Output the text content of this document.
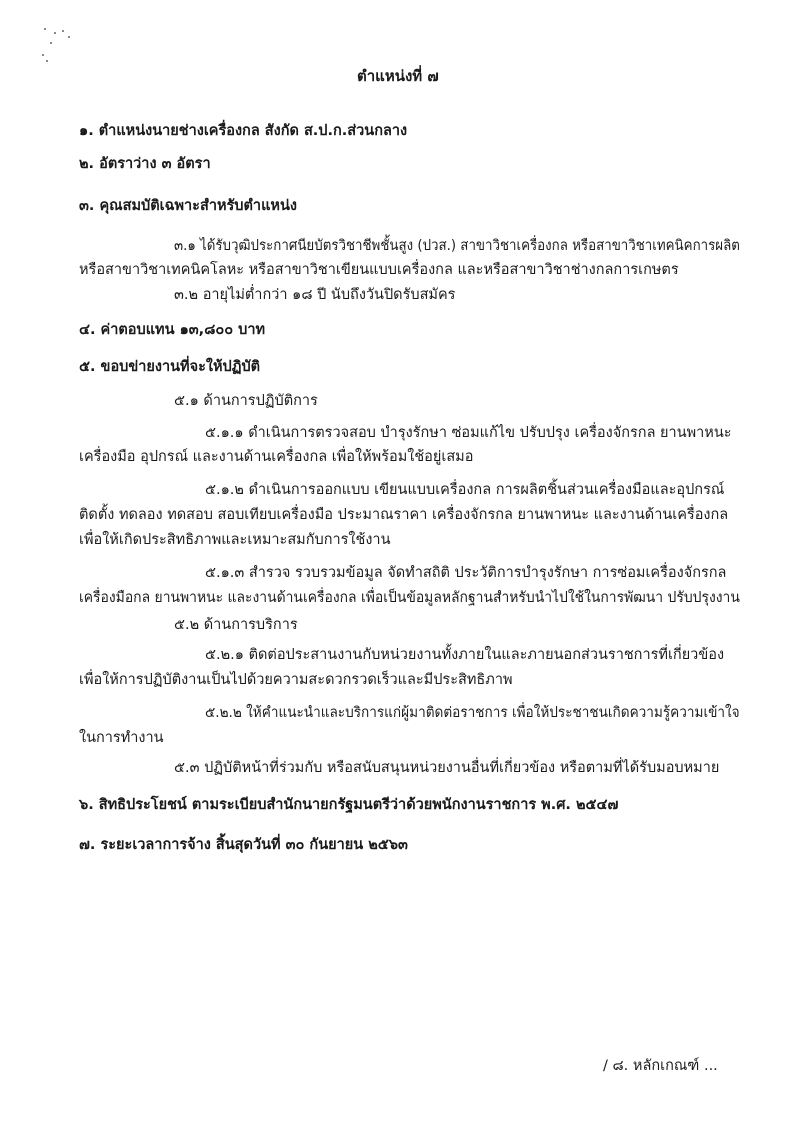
ตำแหน่งที่ ๗
๑. ตำแหน่งนายช่างเครื่องกล สังกัด ส.ป.ก.ส่วนกลาง
๒. อัตราว่าง ๓ อัตรา
๓. คุณสมบัติเฉพาะสำหรับตำแหน่ง
๓.๑ ได้รับวุฒิประกาศนียบัตรวิชาชีพชั้นสูง (ปวส.) สาขาวิชาเครื่องกล หรือสาขาวิชาเทคนิคการผลิต
หรือสาขาวิชาเทคนิคโลหะ หรือสาขาวิชาเขียนแบบเครื่องกล และหรือสาขาวิชาช่างกลการเกษตร
๓.๒ อายุไม่ต่ำกว่า ๑๘ ปี นับถึงวันปิดรับสมัคร
๔. ค่าตอบแทน ๑๓,๘๐๐ บาท
๕. ขอบข่ายงานที่จะให้ปฏิบัติ
๕.๑ ด้านการปฏิบัติการ
๕.๑.๑ ดำเนินการตรวจสอบ บำรุงรักษา ซ่อมแก้ไข ปรับปรุง เครื่องจักรกล ยานพาหนะ
เครื่องมือ อุปกรณ์ และงานด้านเครื่องกล เพื่อให้พร้อมใช้อยู่เสมอ
๕.๑.๒ ดำเนินการออกแบบ เขียนแบบเครื่องกล การผลิตชิ้นส่วนเครื่องมือและอุปกรณ์
ติดตั้ง ทดลอง ทดสอบ สอบเทียบเครื่องมือ ประมาณราคา เครื่องจักรกล ยานพาหนะ และงานด้านเครื่องกล
เพื่อให้เกิดประสิทธิภาพและเหมาะสมกับการใช้งาน
๕.๑.๓ สำรวจ รวบรวมข้อมูล จัดทำสถิติ ประวัติการบำรุงรักษา การซ่อมเครื่องจักรกล
เครื่องมือกล ยานพาหนะ และงานด้านเครื่องกล เพื่อเป็นข้อมูลหลักฐานสำหรับนำไปใช้ในการพัฒนา ปรับปรุงงาน
๕.๒ ด้านการบริการ
๕.๒.๑ ติดต่อประสานงานกับหน่วยงานทั้งภายในและภายนอกส่วนราชการที่เกี่ยวข้อง
เพื่อให้การปฏิบัติงานเป็นไปด้วยความสะดวกรวดเร็วและมีประสิทธิภาพ
๕.๒.๒ ให้คำแนะนำและบริการแก่ผู้มาติดต่อราชการ เพื่อให้ประชาชนเกิดความรู้ความเข้าใจ
ในการทำงาน
๕.๓ ปฏิบัติหน้าที่ร่วมกับ หรือสนับสนุนหน่วยงานอื่นที่เกี่ยวข้อง หรือตามที่ได้รับมอบหมาย
๖. สิทธิประโยชน์ ตามระเบียบสำนักนายกรัฐมนตรีว่าด้วยพนักงานราชการ พ.ศ. ๒๕๔๗
๗. ระยะเวลาการจ้าง สิ้นสุดวันที่ ๓๐ กันยายน ๒๕๖๓
/ ๘. หลักเกณฑ์ ...
